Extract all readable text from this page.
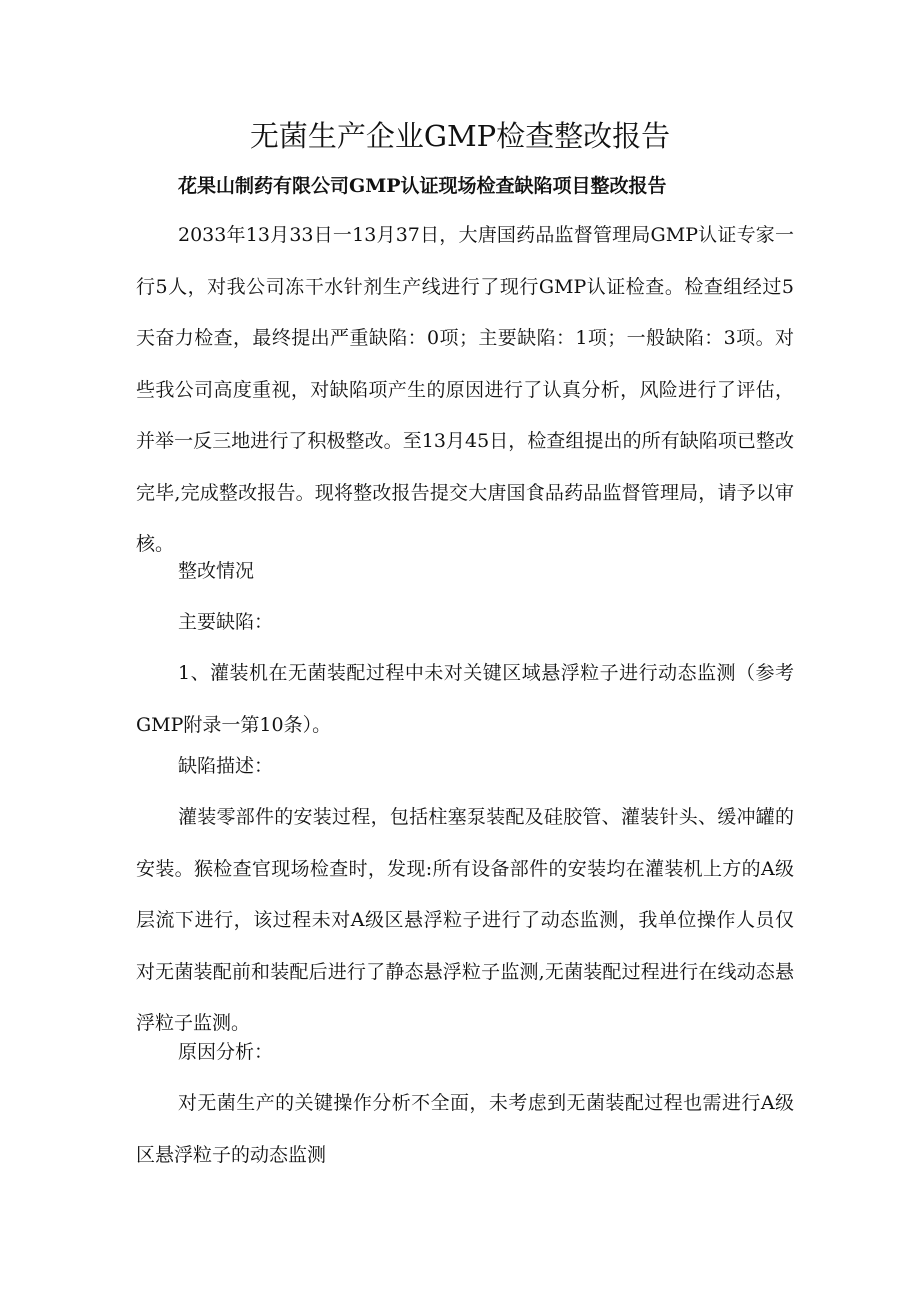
无菌生产企业GMP检查整改报告
花果山制药有限公司GMP认证现场检查缺陷项目整改报告

2033年13月33日一13月37日，大唐国药品监督管理局GMP认证专家一行5人，对我公司冻干水针剂生产线进行了现行GMP认证检查。检查组经过5天奋力检查，最终提出严重缺陷：0项；主要缺陷：1项；一般缺陷：3项。对些我公司高度重视，对缺陷项产生的原因进行了认真分析，风险进行了评估，并举一反三地进行了积极整改。至13月45日，检查组提出的所有缺陷项已整改完毕,完成整改报告。现将整改报告提交大唐国食品药品监督管理局，请予以审核。

整改情况

主要缺陷：

1、灌装机在无菌装配过程中未对关键区域悬浮粒子进行动态监测（参考GMP附录一第10条）。

缺陷描述：

灌装零部件的安装过程，包括柱塞泵装配及硅胶管、灌装针头、缓冲罐的安装。猴检查官现场检查时，发现:所有设备部件的安装均在灌装机上方的A级层流下进行，该过程未对A级区悬浮粒子进行了动态监测，我单位操作人员仅对无菌装配前和装配后进行了静态悬浮粒子监测,无菌装配过程进行在线动态悬浮粒子监测。

原因分析：

对无菌生产的关键操作分析不全面，未考虑到无菌装配过程也需进行A级区悬浮粒子的动态监测
